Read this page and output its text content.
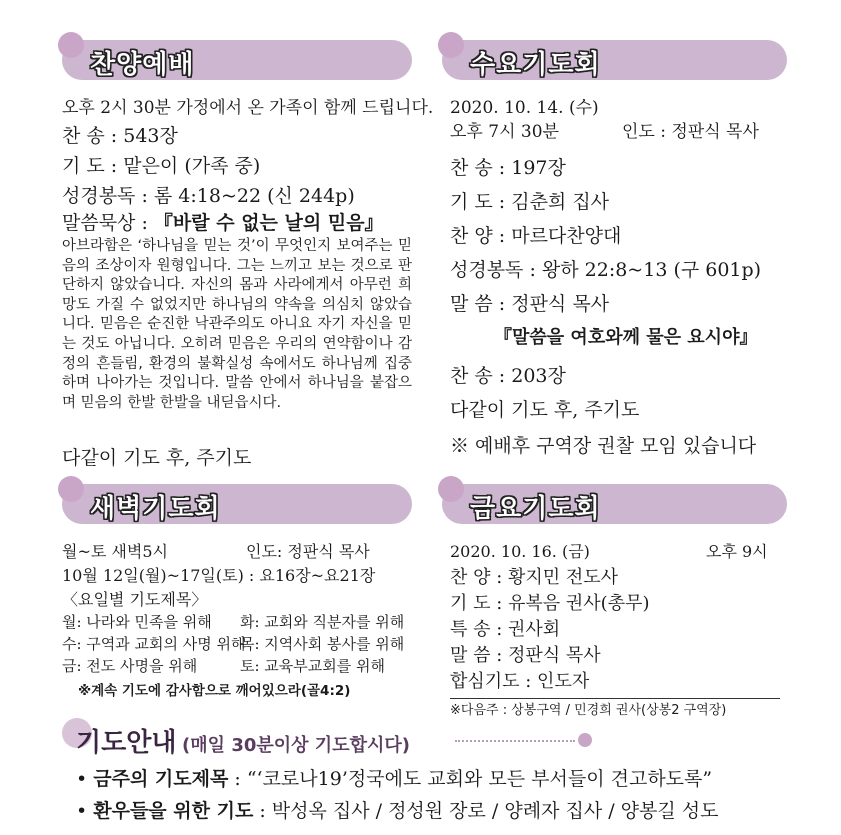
찬양예배
오후 2시 30분 가정에서 온 가족이 함께 드립니다.
찬 송 : 543장
기 도 : 맡은이 (가족 중)
성경봉독 : 롬 4:18~22 (신 244p)
말씀묵상 : 『바랄 수 없는 날의 믿음』
아브라함은 ‘하나님을 믿는 것’이 무엇인지 보여주는 믿음의 조상이자 원형입니다. 그는 느끼고 보는 것으로 판단하지 않았습니다. 자신의 몸과 사라에게서 아무런 희망도 가질 수 없었지만 하나님의 약속을 의심치 않았습니다. 믿음은 순진한 낙관주의도 아니요 자기 자신을 믿는 것도 아닙니다. 오히려 믿음은 우리의 연약함이나 감정의 흔들림, 환경의 불확실성 속에서도 하나님께 집중하며 나아가는 것입니다. 말씀 안에서 하나님을 붙잡으며 믿음의 한발 한발을 내딛읍시다.
다같이 기도 후, 주기도
수요기도회
2020. 10. 14. (수)
오후 7시 30분	인도 : 정판식 목사
찬 송 : 197장
기 도 : 김춘희 집사
찬 양 : 마르다찬양대
성경봉독 : 왕하 22:8~13 (구 601p)
말 씀 : 정판식 목사
『말씀을 여호와께 물은 요시야』
찬 송 : 203장
다같이 기도 후, 주기도
※ 예배후 구역장 권찰 모임 있습니다
새벽기도회
월~토 새벽5시	인도: 정판식 목사
10월 12일(월)~17일(토) : 요16장~요21장
〈요일별 기도제목〉
월: 나라와 민족을 위해 화: 교회와 직분자를 위해
수: 구역과 교회의 사명 위해목: 지역사회 봉사를 위해
금: 전도 사명을 위해	토: 교육부교회를 위해
※계속 기도에 감사함으로 깨어있으라(골4:2)
금요기도회
2020. 10. 16. (금)	오후 9시
찬 양 : 황지민 전도사
기 도 : 유복음 권사(총무)
특 송 : 권사회
말 씀 : 정판식 목사
합심기도 : 인도자
※다음주 : 상봉구역 / 민경희 권사(상봉2 구역장)
기도안내 (매일 30분이상 기도합시다)
• 금주의 기도제목 : “‘코로나19’정국에도 교회와 모든 부서들이 견고하도록”
• 환우들을 위한 기도 : 박성옥 집사 / 정성원 장로 / 양례자 집사 / 양봉길 성도
